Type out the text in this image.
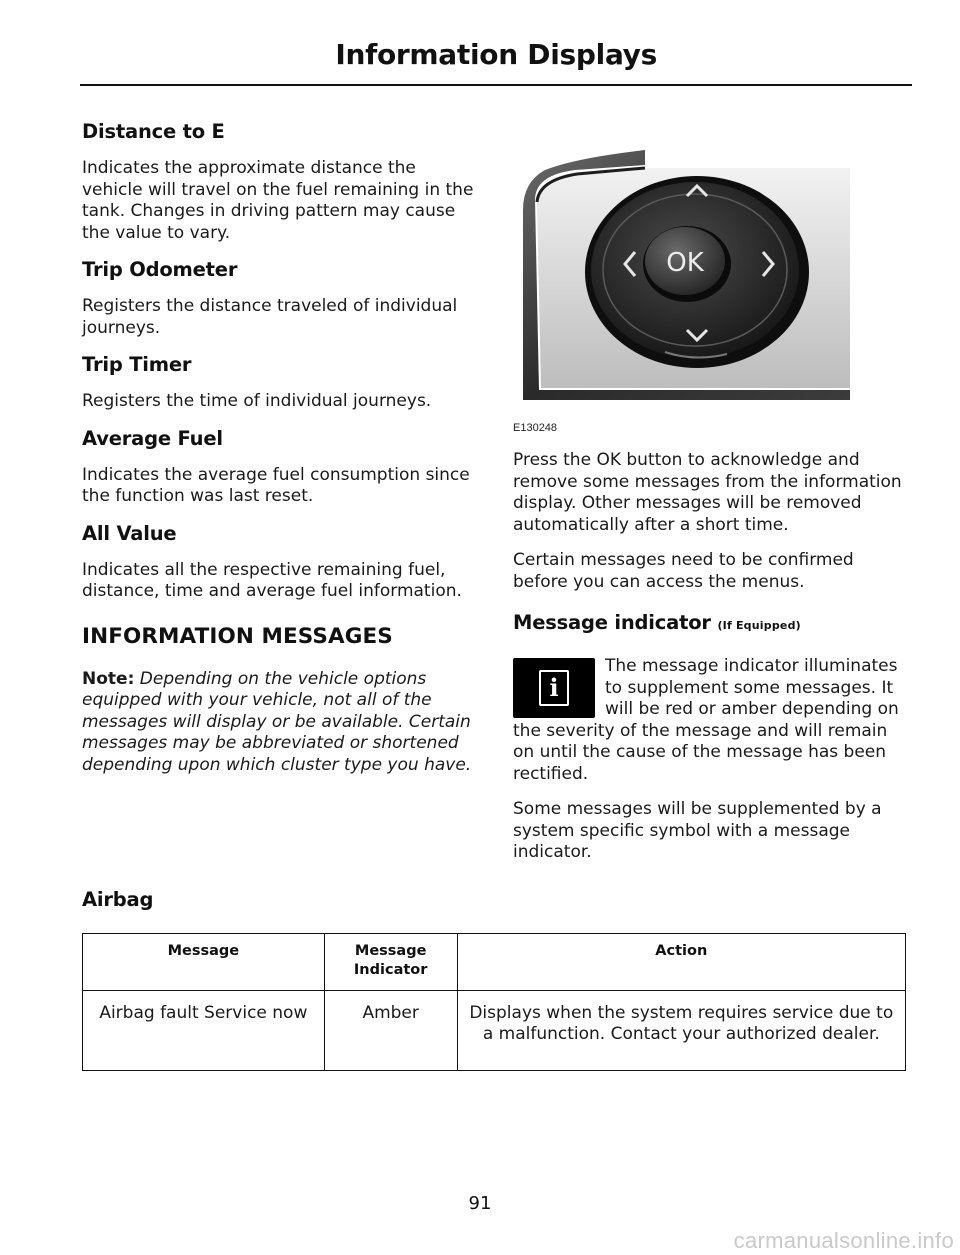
Information Displays
Distance to E

Indicates the approximate distance the vehicle will travel on the fuel remaining in the tank. Changes in driving pattern may cause the value to vary.

Trip Odometer

Registers the distance traveled of individual journeys.

Trip Timer

Registers the time of individual journeys.

Average Fuel

Indicates the average fuel consumption since the function was last reset.

All Value

Indicates all the respective remaining fuel, distance, time and average fuel information.

INFORMATION MESSAGES

Note: Depending on the vehicle options equipped with your vehicle, not all of the messages will display or be available. Certain messages may be abbreviated or shortened depending upon which cluster type you have.

OK
E130248

Press the OK button to acknowledge and remove some messages from the information display. Other messages will be removed automatically after a short time.

Certain messages need to be confirmed before you can access the menus.

Message indicator (If Equipped)
i

The message indicator illuminates to supplement some messages. It will be red or amber depending on the severity of the message and will remain on until the cause of the message has been rectified.

Some messages will be supplemented by a system specific symbol with a message indicator.

Airbag
Message	Message Indicator	Action
Airbag fault Service now	Amber	Displays when the system requires service due to a malfunction. Contact your authorized dealer.
91
carmanualsonline.info
